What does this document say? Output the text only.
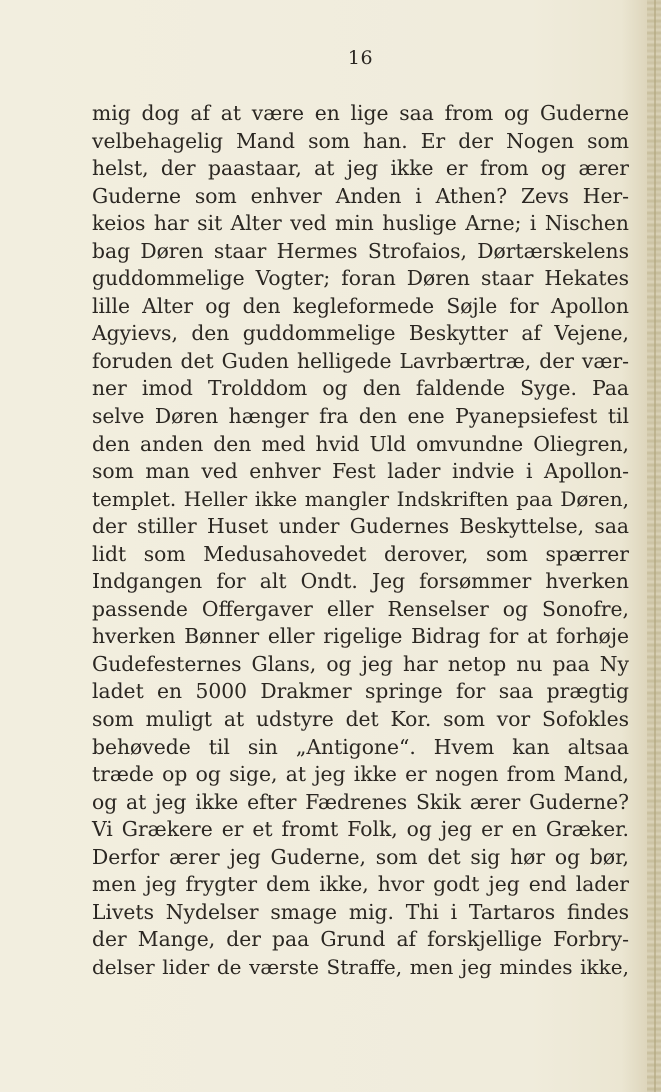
16
mig dog af at være en lige saa from og Guderne
velbehagelig Mand som han. Er der Nogen som
helst, der paastaar, at jeg ikke er from og ærer
Guderne som enhver Anden i Athen? Zevs Her-
keios har sit Alter ved min huslige Arne; i Nischen
bag Døren staar Hermes Strofaios, Dørtærskelens
guddommelige Vogter; foran Døren staar Hekates
lille Alter og den kegleformede Søjle for Apollon
Agyievs, den guddommelige Beskytter af Vejene,
foruden det Guden helligede Lavrbærtræ, der vær-
ner imod Trolddom og den faldende Syge. Paa
selve Døren hænger fra den ene Pyanepsiefest til
den anden den med hvid Uld omvundne Oliegren,
som man ved enhver Fest lader indvie i Apollon-
templet. Heller ikke mangler Indskriften paa Døren,
der stiller Huset under Gudernes Beskyttelse, saa
lidt som Medusahovedet derover, som spærrer
Indgangen for alt Ondt. Jeg forsømmer hverken
passende Offergaver eller Renselser og Sonofre,
hverken Bønner eller rigelige Bidrag for at forhøje
Gudefesternes Glans, og jeg har netop nu paa Ny
ladet en 5000 Drakmer springe for saa prægtig
som muligt at udstyre det Kor. som vor Sofokles
behøvede til sin „Antigone“. Hvem kan altsaa
træde op og sige, at jeg ikke er nogen from Mand,
og at jeg ikke efter Fædrenes Skik ærer Guderne?
Vi Grækere er et fromt Folk, og jeg er en Græker.
Derfor ærer jeg Guderne, som det sig hør og bør,
men jeg frygter dem ikke, hvor godt jeg end lader
Livets Nydelser smage mig. Thi i Tartaros findes
der Mange, der paa Grund af forskjellige Forbry-
delser lider de værste Straffe, men jeg mindes ikke,
